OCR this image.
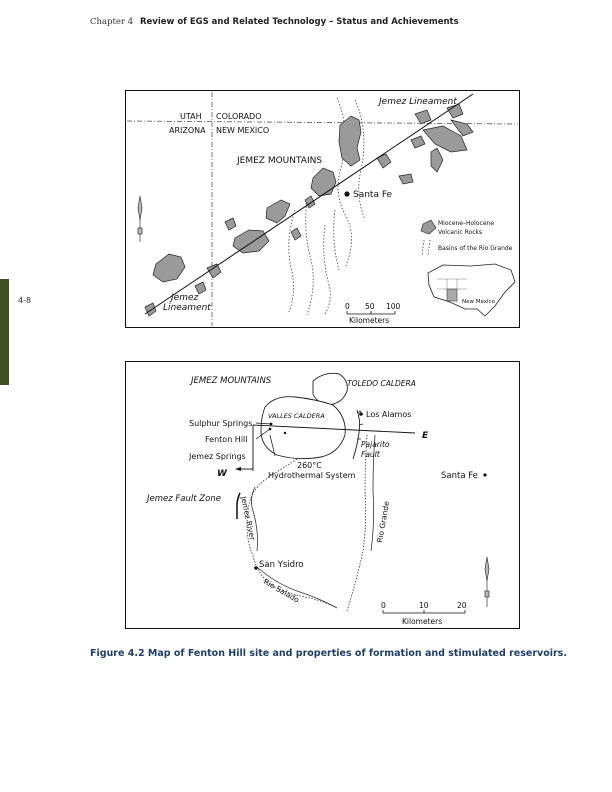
Chapter 4 Review of EGS and Related Technology – Status and Achievements
4-8
Jemez Lineament
Jemez
Lineament
UTAH COLORADO
ARIZONA NEW MEXICO
JEMEZ MOUNTAINS
Santa Fe
Miocene–Holocene
Volcanic Rocks
Basins of the Rio Grande
New Mexico
0 50 100
Kilometers
JEMEZ MOUNTAINS	TOLEDO CALDERA
VALLES CALDERA	Los Alamos
Sulphur Springs
Fenton Hill
Jemez Springs
W
E
Pajarito
Fault
260°C
Hydrothermal System	Santa Fe
Jemez Fault Zone Jemez River	Rio Grande
San Ysidro
Rio Salado
0	10	20
Kilometers
Figure 4.2 Map of Fenton Hill site and properties of formation and stimulated reservoirs.
